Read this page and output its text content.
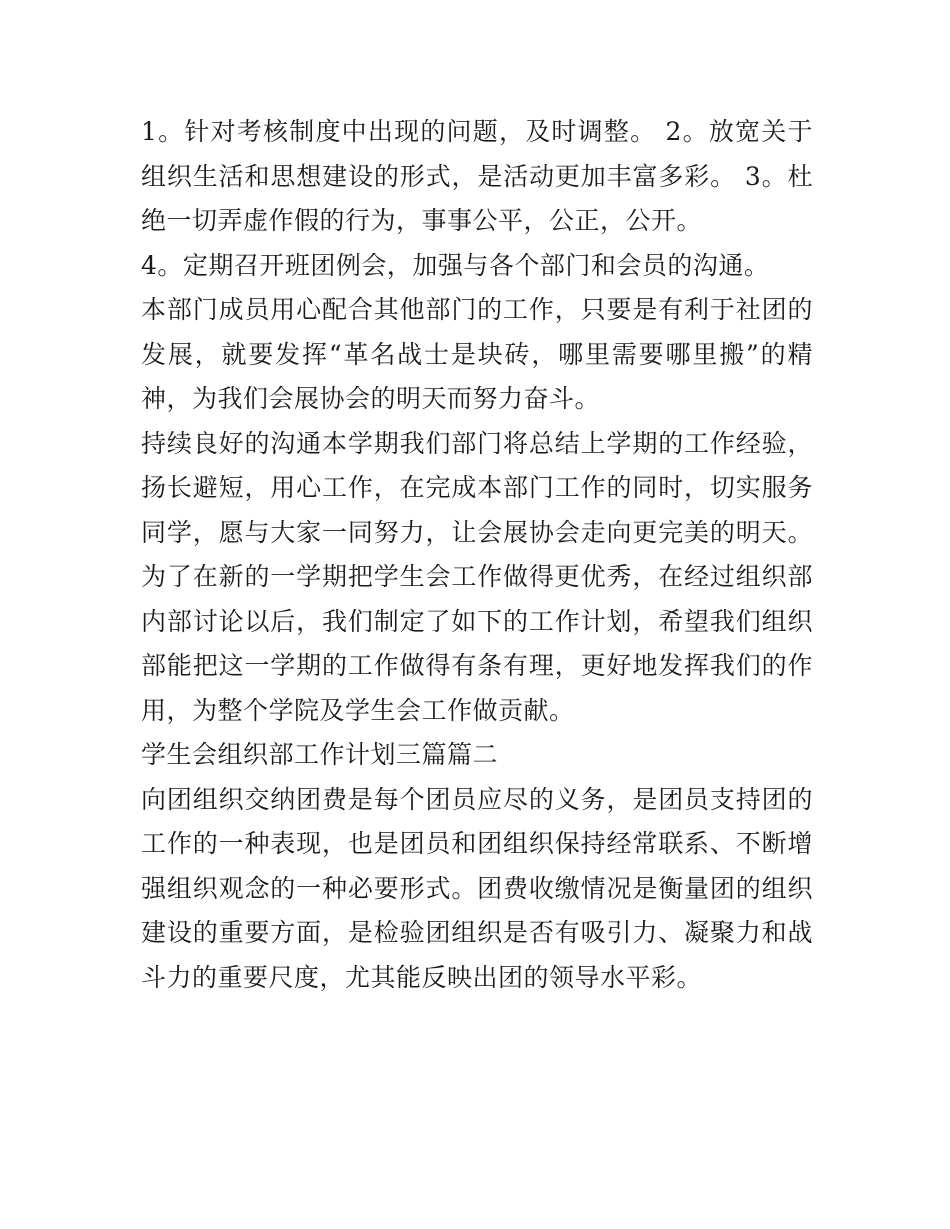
1。针对考核制度中出现的问题，及时调整。 2。放宽关于组织生活和思想建设的形式，是活动更加丰富多彩。 3。杜绝一切弄虚作假的行为，事事公平，公正，公开。

4。定期召开班团例会，加强与各个部门和会员的沟通。

本部门成员用心配合其他部门的工作，只要是有利于社团的发展，就要发挥“革名战士是块砖，哪里需要哪里搬”的精神，为我们会展协会的明天而努力奋斗。

持续良好的沟通本学期我们部门将总结上学期的工作经验，扬长避短，用心工作，在完成本部门工作的同时，切实服务同学，愿与大家一同努力，让会展协会走向更完美的明天。为了在新的一学期把学生会工作做得更优秀，在经过组织部内部讨论以后，我们制定了如下的工作计划，希望我们组织部能把这一学期的工作做得有条有理，更好地发挥我们的作用，为整个学院及学生会工作做贡献。

学生会组织部工作计划三篇篇二

向团组织交纳团费是每个团员应尽的义务，是团员支持团的工作的一种表现，也是团员和团组织保持经常联系、不断增强组织观念的一种必要形式。团费收缴情况是衡量团的组织建设的重要方面，是检验团组织是否有吸引力、凝聚力和战斗力的重要尺度，尤其能反映出团的领导水平彩。
